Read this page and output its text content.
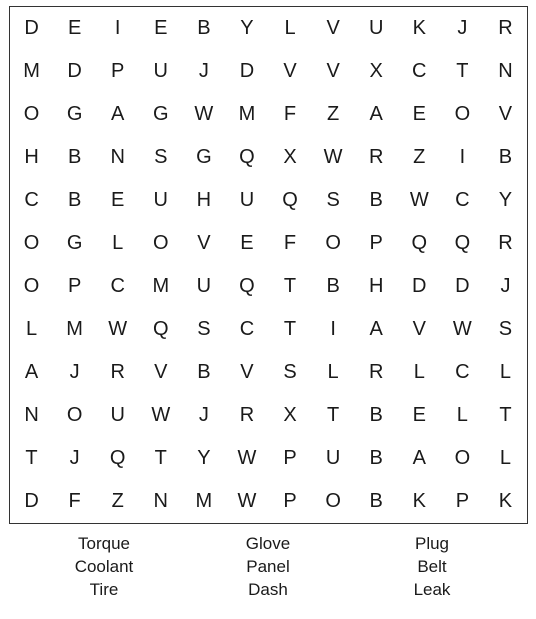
D	E	I	E	B	Y	L	V	U	K	J	R
M	D	P	U	J	D	V	V	X	C	T	N
O	G	A	G	W	M	F	Z	A	E	O	V
H	B	N	S	G	Q	X	W	R	Z	I	B
C	B	E	U	H	U	Q	S	B	W	C	Y
O	G	L	O	V	E	F	O	P	Q	Q	R
O	P	C	M	U	Q	T	B	H	D	D	J
L	M	W	Q	S	C	T	I	A	V	W	S
A	J	R	V	B	V	S	L	R	L	C	L
N	O	U	W	J	R	X	T	B	E	L	T
T	J	Q	T	Y	W	P	U	B	A	O	L
D	F	Z	N	M	W	P	O	B	K	P	K
Torque
Coolant
Tire
Glove
Panel
Dash
Plug
Belt
Leak
